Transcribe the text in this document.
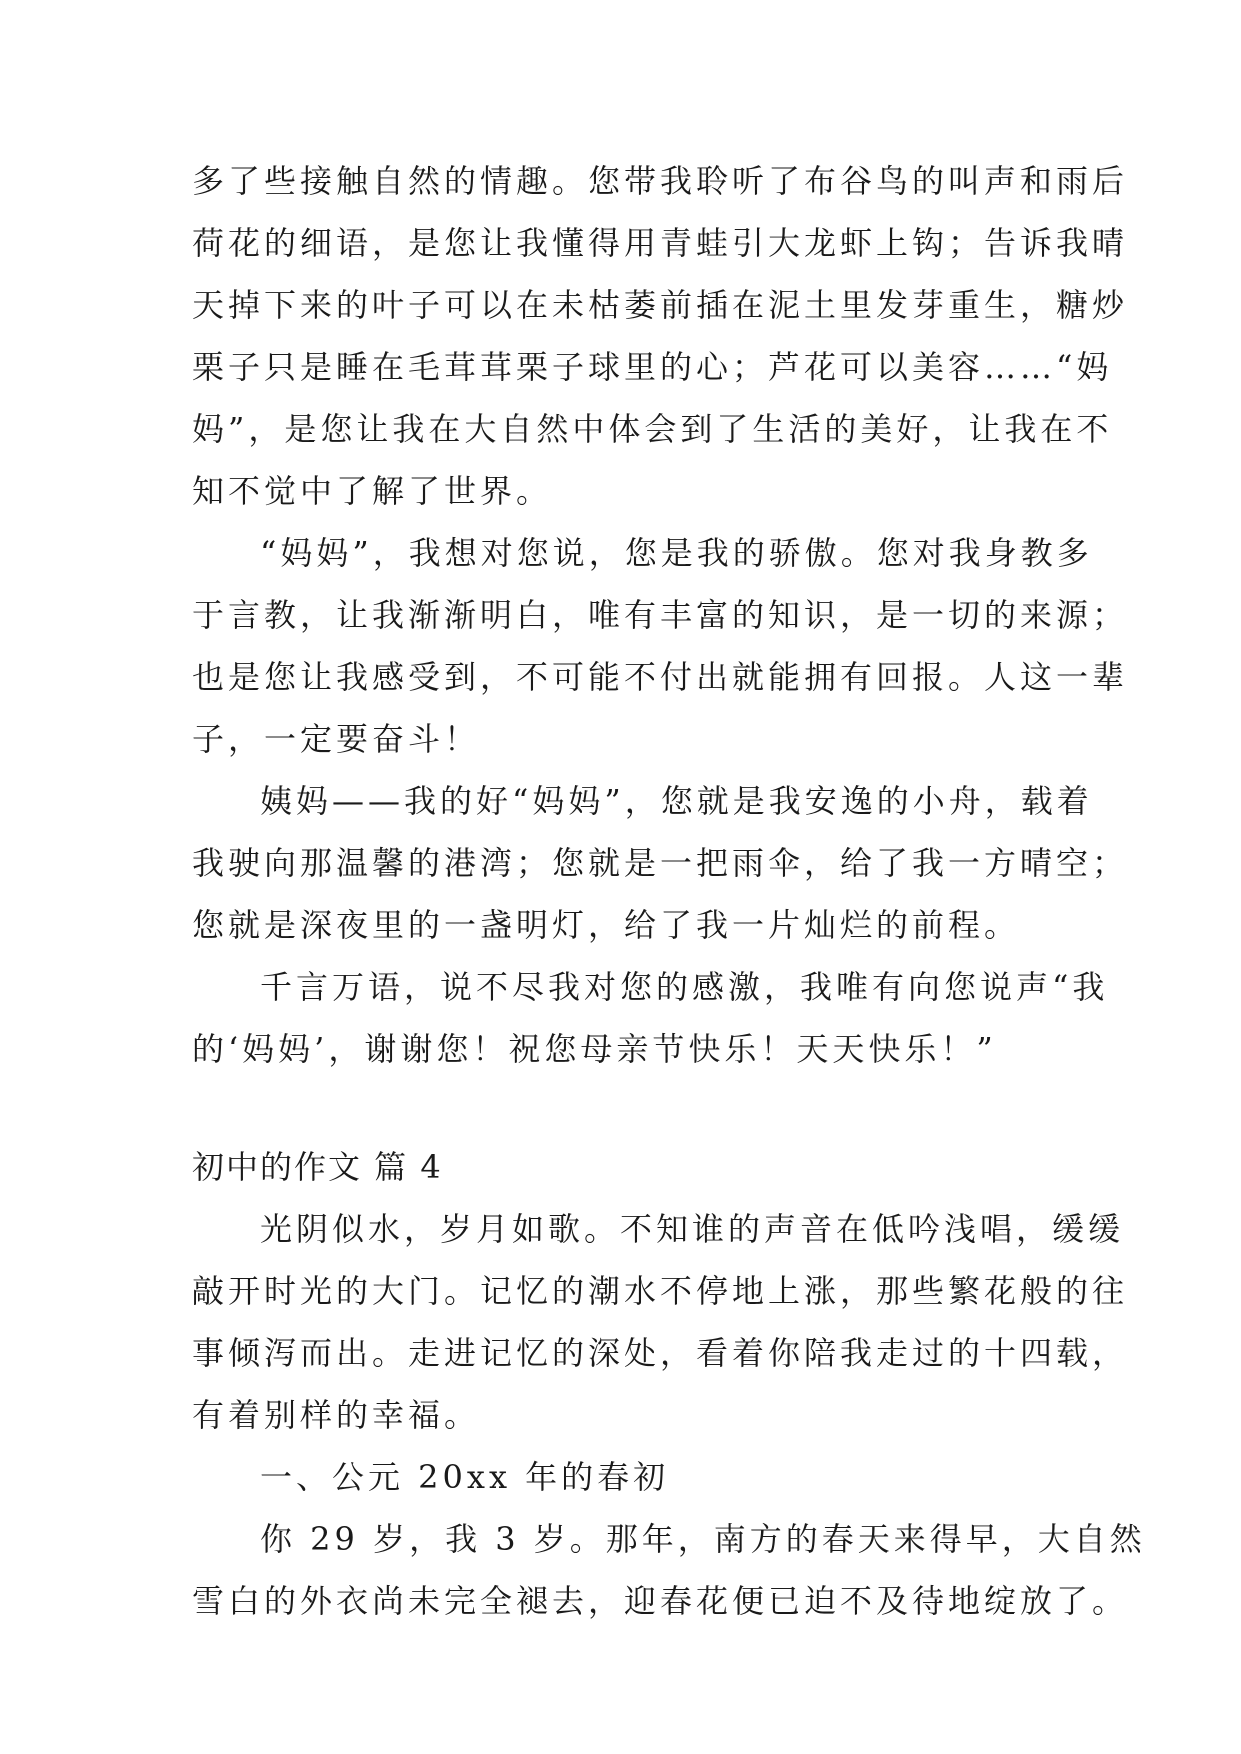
多了些接触自然的情趣。您带我聆听了布谷鸟的叫声和雨后
荷花的细语，是您让我懂得用青蛙引大龙虾上钩；告诉我晴
天掉下来的叶子可以在未枯萎前插在泥土里发芽重生，糖炒
栗子只是睡在毛茸茸栗子球里的心；芦花可以美容……“妈
妈”，是您让我在大自然中体会到了生活的美好，让我在不
知不觉中了解了世界。
“妈妈”，我想对您说，您是我的骄傲。您对我身教多
于言教，让我渐渐明白，唯有丰富的知识，是一切的来源；
也是您让我感受到，不可能不付出就能拥有回报。人这一辈
子，一定要奋斗！
姨妈——我的好“妈妈”，您就是我安逸的小舟，载着
我驶向那温馨的港湾；您就是一把雨伞，给了我一方晴空；
您就是深夜里的一盏明灯，给了我一片灿烂的前程。
千言万语，说不尽我对您的感激，我唯有向您说声“我
的‘妈妈’，谢谢您！祝您母亲节快乐！天天快乐！”
初中的作文 篇 4
光阴似水，岁月如歌。不知谁的声音在低吟浅唱，缓缓
敲开时光的大门。记忆的潮水不停地上涨，那些繁花般的往
事倾泻而出。走进记忆的深处，看着你陪我走过的十四载，
有着别样的幸福。
一、公元 20xx 年的春初
你 29 岁，我 3 岁。那年，南方的春天来得早，大自然
雪白的外衣尚未完全褪去，迎春花便已迫不及待地绽放了。
